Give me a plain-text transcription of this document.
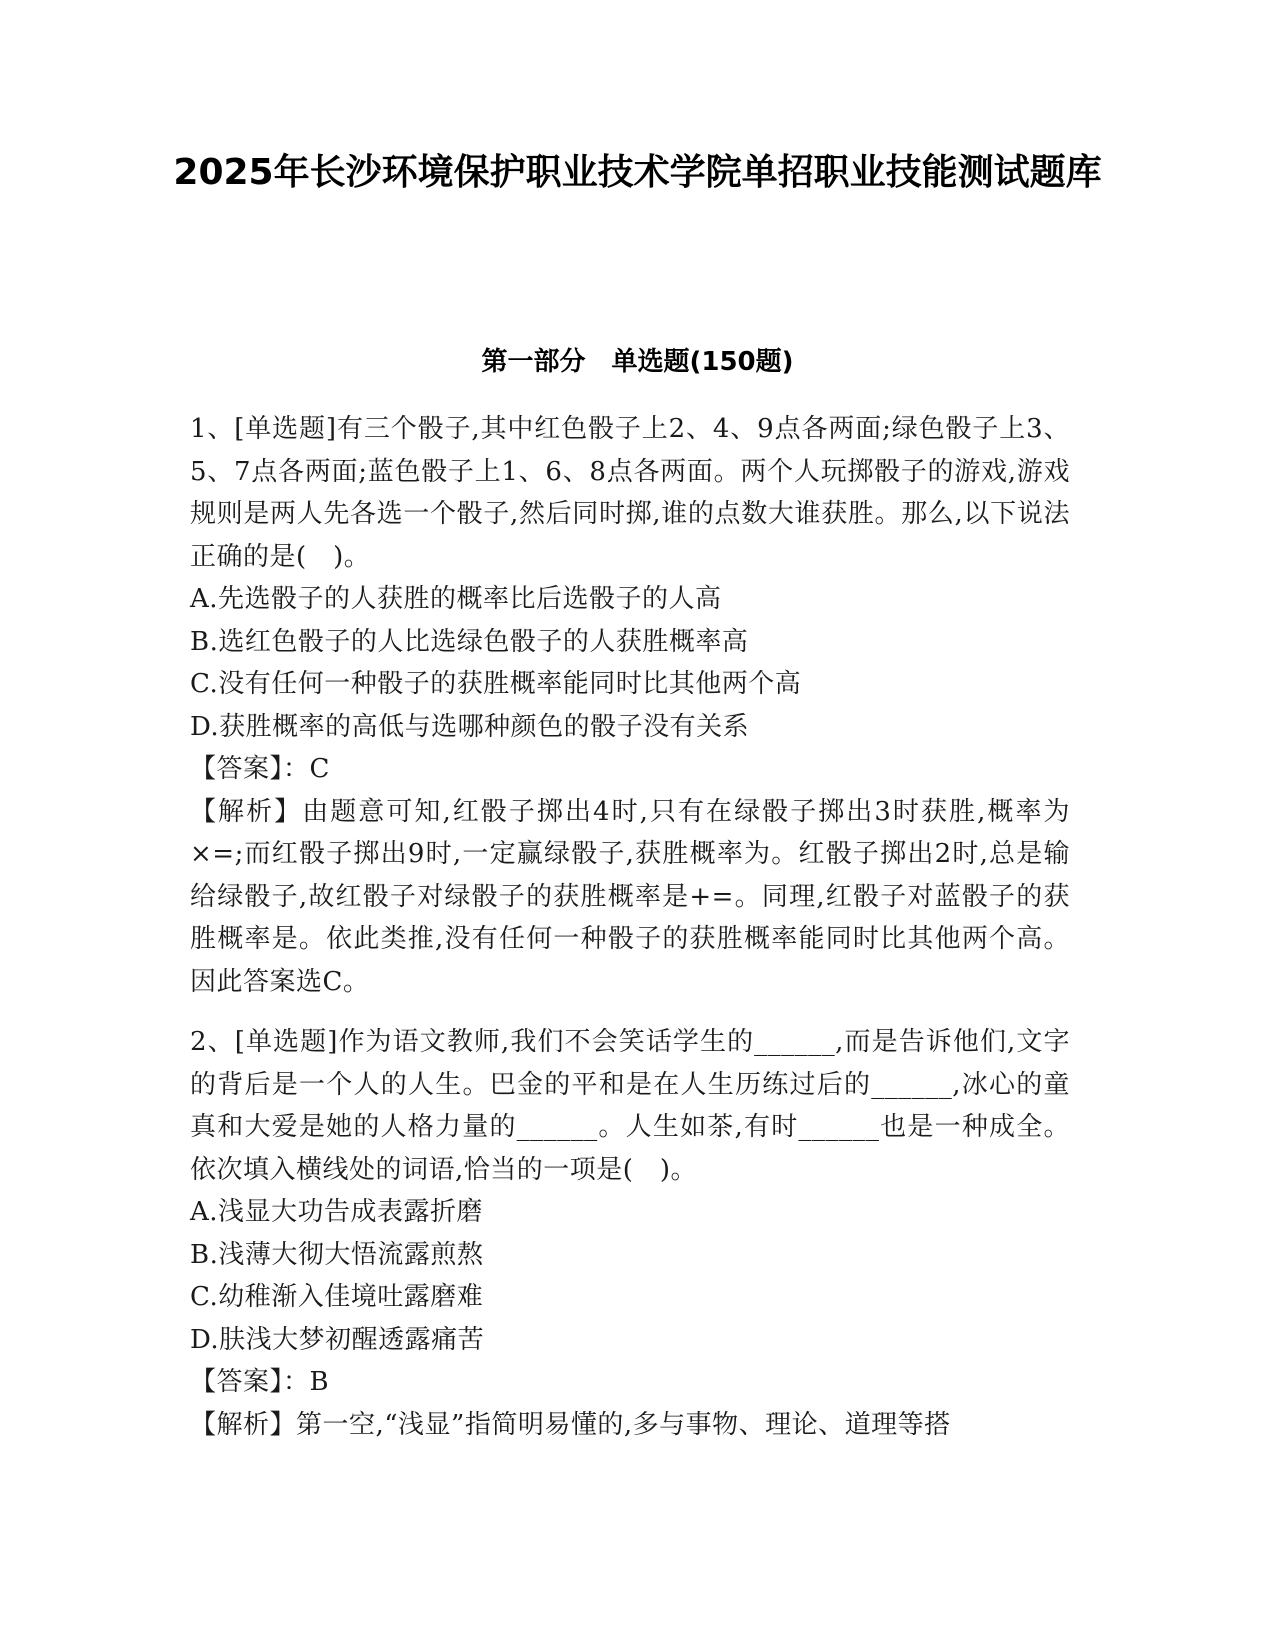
2025年长沙环境保护职业技术学院单招职业技能测试题库
第一部分　单选题(150题)

1、[单选题]有三个骰子,其中红色骰子上2、4、9点各两面;绿色骰子上3、5、7点各两面;蓝色骰子上1、6、8点各两面。两个人玩掷骰子的游戏,游戏规则是两人先各选一个骰子,然后同时掷,谁的点数大谁获胜。那么,以下说法正确的是(　)。

A.先选骰子的人获胜的概率比后选骰子的人高

B.选红色骰子的人比选绿色骰子的人获胜概率高

C.没有任何一种骰子的获胜概率能同时比其他两个高

D.获胜概率的高低与选哪种颜色的骰子没有关系

【答案】：C

【解析】由题意可知,红骰子掷出4时,只有在绿骰子掷出3时获胜,概率为×=;而红骰子掷出9时,一定赢绿骰子,获胜概率为。红骰子掷出2时,总是输给绿骰子,故红骰子对绿骰子的获胜概率是+=。同理,红骰子对蓝骰子的获胜概率是。依此类推,没有任何一种骰子的获胜概率能同时比其他两个高。因此答案选C。

2、[单选题]作为语文教师,我们不会笑话学生的______,而是告诉他们,文字的背后是一个人的人生。巴金的平和是在人生历练过后的______,冰心的童真和大爱是她的人格力量的______。人生如茶,有时______也是一种成全。依次填入横线处的词语,恰当的一项是(　)。

A.浅显大功告成表露折磨

B.浅薄大彻大悟流露煎熬

C.幼稚渐入佳境吐露磨难

D.肤浅大梦初醒透露痛苦

【答案】：B

【解析】第一空,“浅显”指简明易懂的,多与事物、理论、道理等搭
